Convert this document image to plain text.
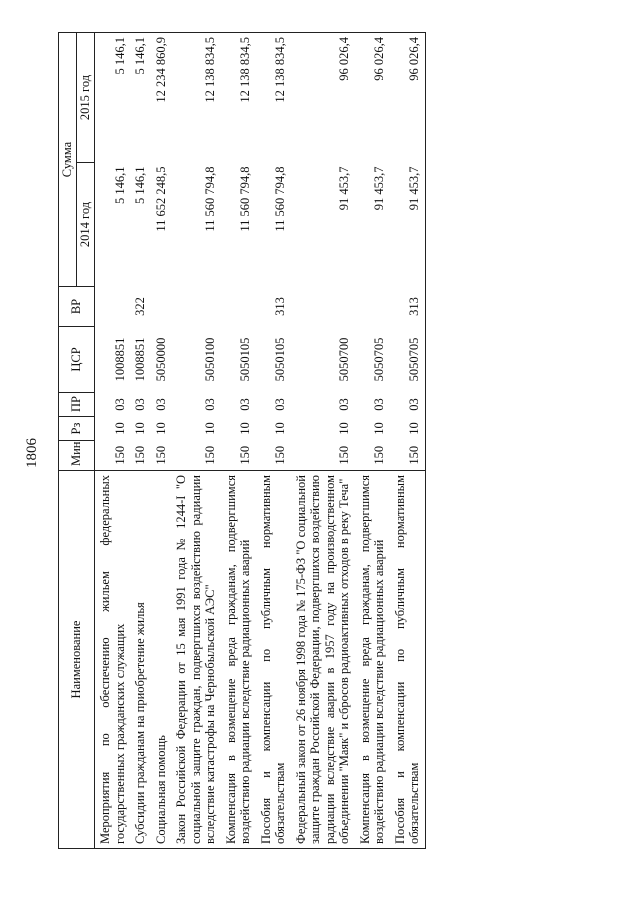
1806
Наименование	Мин	Рз	ПР	ЦСР	ВР	Сумма	
						2014 год	2015 год
Мероприятия по обеспечению жильем федеральных государственных гражданских служащих	150	10	03	1008851		5 146,1	5 146,1
Субсидии гражданам на приобретение жилья	150	10	03	1008851	322	5 146,1	5 146,1
Социальная помощь	150	10	03	5050000		11 652 248,5	12 234 860,9
Закон Российской Федерации от 15 мая 1991 года № 1244-I "О социальной защите граждан, подвергшихся воздействию радиации вследствие катастрофы на Чернобыльской АЭС"	150	10	03	5050100		11 560 794,8	12 138 834,5
Компенсация в возмещение вреда гражданам, подвергшимся воздействию радиации вследствие радиационных аварий	150	10	03	5050105		11 560 794,8	12 138 834,5
Пособия и компенсации по публичным нормативным обязательствам	150	10	03	5050105	313	11 560 794,8	12 138 834,5
Федеральный закон от 26 ноября 1998 года № 175-ФЗ "О социальной защите граждан Российской Федерации, подвергшихся воздействию радиации вследствие аварии в 1957 году на производственном объединении "Маяк" и сбросов радиоактивных отходов в реку Теча"	150	10	03	5050700		91 453,7	96 026,4
Компенсация в возмещение вреда гражданам, подвергшимся воздействию радиации вследствие радиационных аварий	150	10	03	5050705		91 453,7	96 026,4
Пособия и компенсации по публичным нормативным обязательствам	150	10	03	5050705	313	91 453,7	96 026,4
